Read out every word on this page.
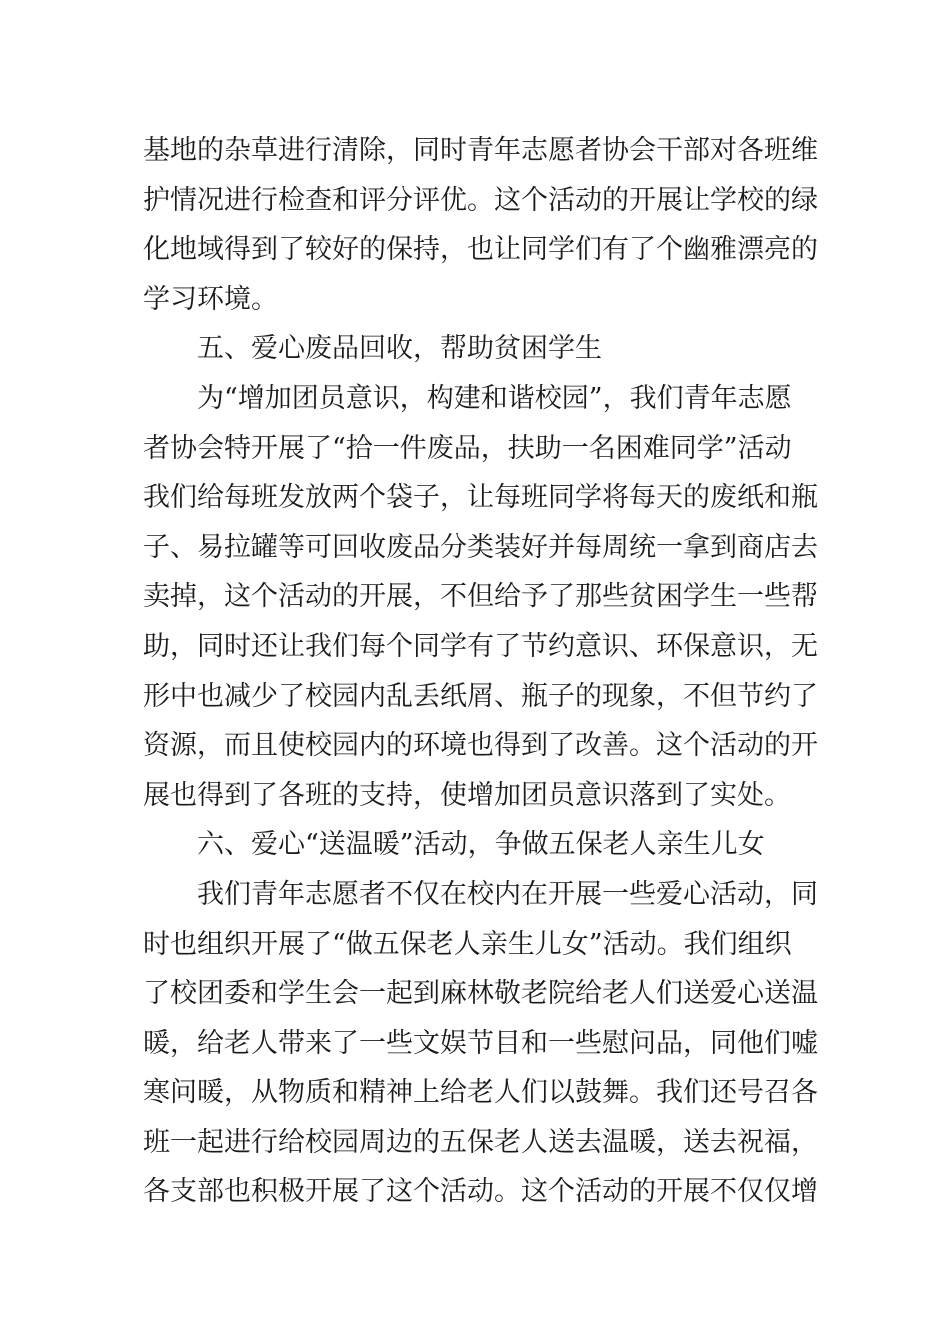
基地的杂草进行清除，同时青年志愿者协会干部对各班维
护情况进行检查和评分评优。这个活动的开展让学校的绿
化地域得到了较好的保持，也让同学们有了个幽雅漂亮的
学习环境。
五、爱心废品回收，帮助贫困学生
为“增加团员意识，构建和谐校园”，我们青年志愿
者协会特开展了“拾一件废品，扶助一名困难同学”活动
我们给每班发放两个袋子，让每班同学将每天的废纸和瓶
子、易拉罐等可回收废品分类装好并每周统一拿到商店去
卖掉，这个活动的开展，不但给予了那些贫困学生一些帮
助，同时还让我们每个同学有了节约意识、环保意识，无
形中也减少了校园内乱丢纸屑、瓶子的现象，不但节约了
资源，而且使校园内的环境也得到了改善。这个活动的开
展也得到了各班的支持，使增加团员意识落到了实处。
六、爱心“送温暖”活动，争做五保老人亲生儿女
我们青年志愿者不仅在校内在开展一些爱心活动，同
时也组织开展了“做五保老人亲生儿女”活动。我们组织
了校团委和学生会一起到麻林敬老院给老人们送爱心送温
暖，给老人带来了一些文娱节目和一些慰问品，同他们嘘
寒问暖，从物质和精神上给老人们以鼓舞。我们还号召各
班一起进行给校园周边的五保老人送去温暖，送去祝福，
各支部也积极开展了这个活动。这个活动的开展不仅仅增
